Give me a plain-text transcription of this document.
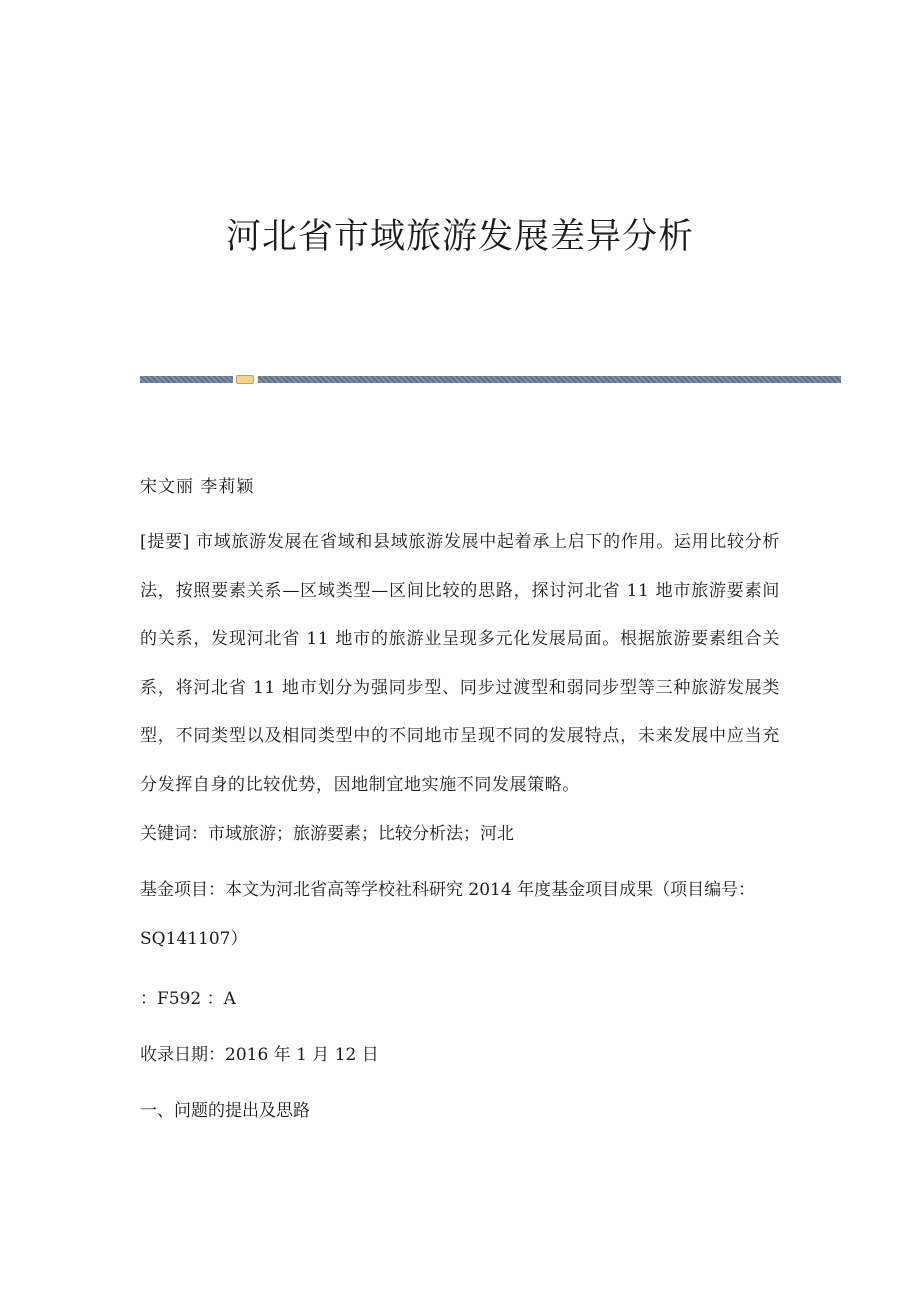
河北省市域旅游发展差异分析

宋文丽 李莉颖

[提要] 市域旅游发展在省域和县域旅游发展中起着承上启下的作用。运用比较分析法，按照要素关系—区域类型—区间比较的思路，探讨河北省 11 地市旅游要素间的关系，发现河北省 11 地市的旅游业呈现多元化发展局面。根据旅游要素组合关系，将河北省 11 地市划分为强同步型、同步过渡型和弱同步型等三种旅游发展类型，不同类型以及相同类型中的不同地市呈现不同的发展特点，未来发展中应当充分发挥自身的比较优势，因地制宜地实施不同发展策略。

关键词：市域旅游；旅游要素；比较分析法；河北

基金项目：本文为河北省高等学校社科研究 2014 年度基金项目成果（项目编号：SQ141107）

：F592 ：A

收录日期：2016 年 1 月 12 日

一、问题的提出及思路
